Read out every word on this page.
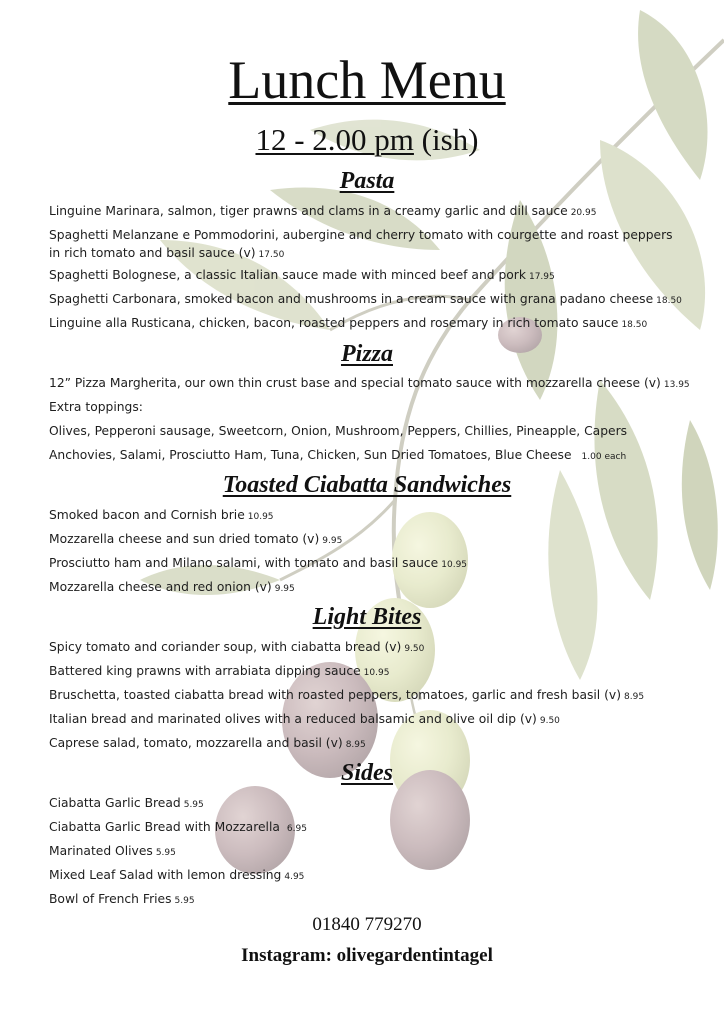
Lunch Menu
12 - 2.00 pm (ish)
Pasta
Linguine Marinara, salmon, tiger prawns and clams in a creamy garlic and dill sauce 20.95
Spaghetti Melanzane e Pommodorini, aubergine and cherry tomato with courgette and roast peppers in rich tomato and basil sauce (v) 17.50
Spaghetti Bolognese, a classic Italian sauce made with minced beef and pork 17.95
Spaghetti Carbonara, smoked bacon and mushrooms in a cream sauce with grana padano cheese 18.50
Linguine alla Rusticana, chicken, bacon, roasted peppers and rosemary in rich tomato sauce 18.50
Pizza
12” Pizza Margherita, our own thin crust base and special tomato sauce with mozzarella cheese (v) 13.95
Extra toppings:
Olives, Pepperoni sausage, Sweetcorn, Onion, Mushroom, Peppers, Chillies, Pineapple, Capers
Anchovies, Salami, Prosciutto Ham, Tuna, Chicken, Sun Dried Tomatoes, Blue Cheese 1.00 each
Toasted Ciabatta Sandwiches
Smoked bacon and Cornish brie 10.95
Mozzarella cheese and sun dried tomato (v) 9.95
Prosciutto ham and Milano salami, with tomato and basil sauce 10.95
Mozzarella cheese and red onion (v) 9.95
Light Bites
Spicy tomato and coriander soup, with ciabatta bread (v) 9.50
Battered king prawns with arrabiata dipping sauce 10.95
Bruschetta, toasted ciabatta bread with roasted peppers, tomatoes, garlic and fresh basil (v) 8.95
Italian bread and marinated olives with a reduced balsamic and olive oil dip (v) 9.50
Caprese salad, tomato, mozzarella and basil (v) 8.95
Sides
Ciabatta Garlic Bread 5.95
Ciabatta Garlic Bread with Mozzarella 6.95
Marinated Olives 5.95
Mixed Leaf Salad with lemon dressing 4.95
Bowl of French Fries 5.95
01840 779270
Instagram: olivegardentintagel
